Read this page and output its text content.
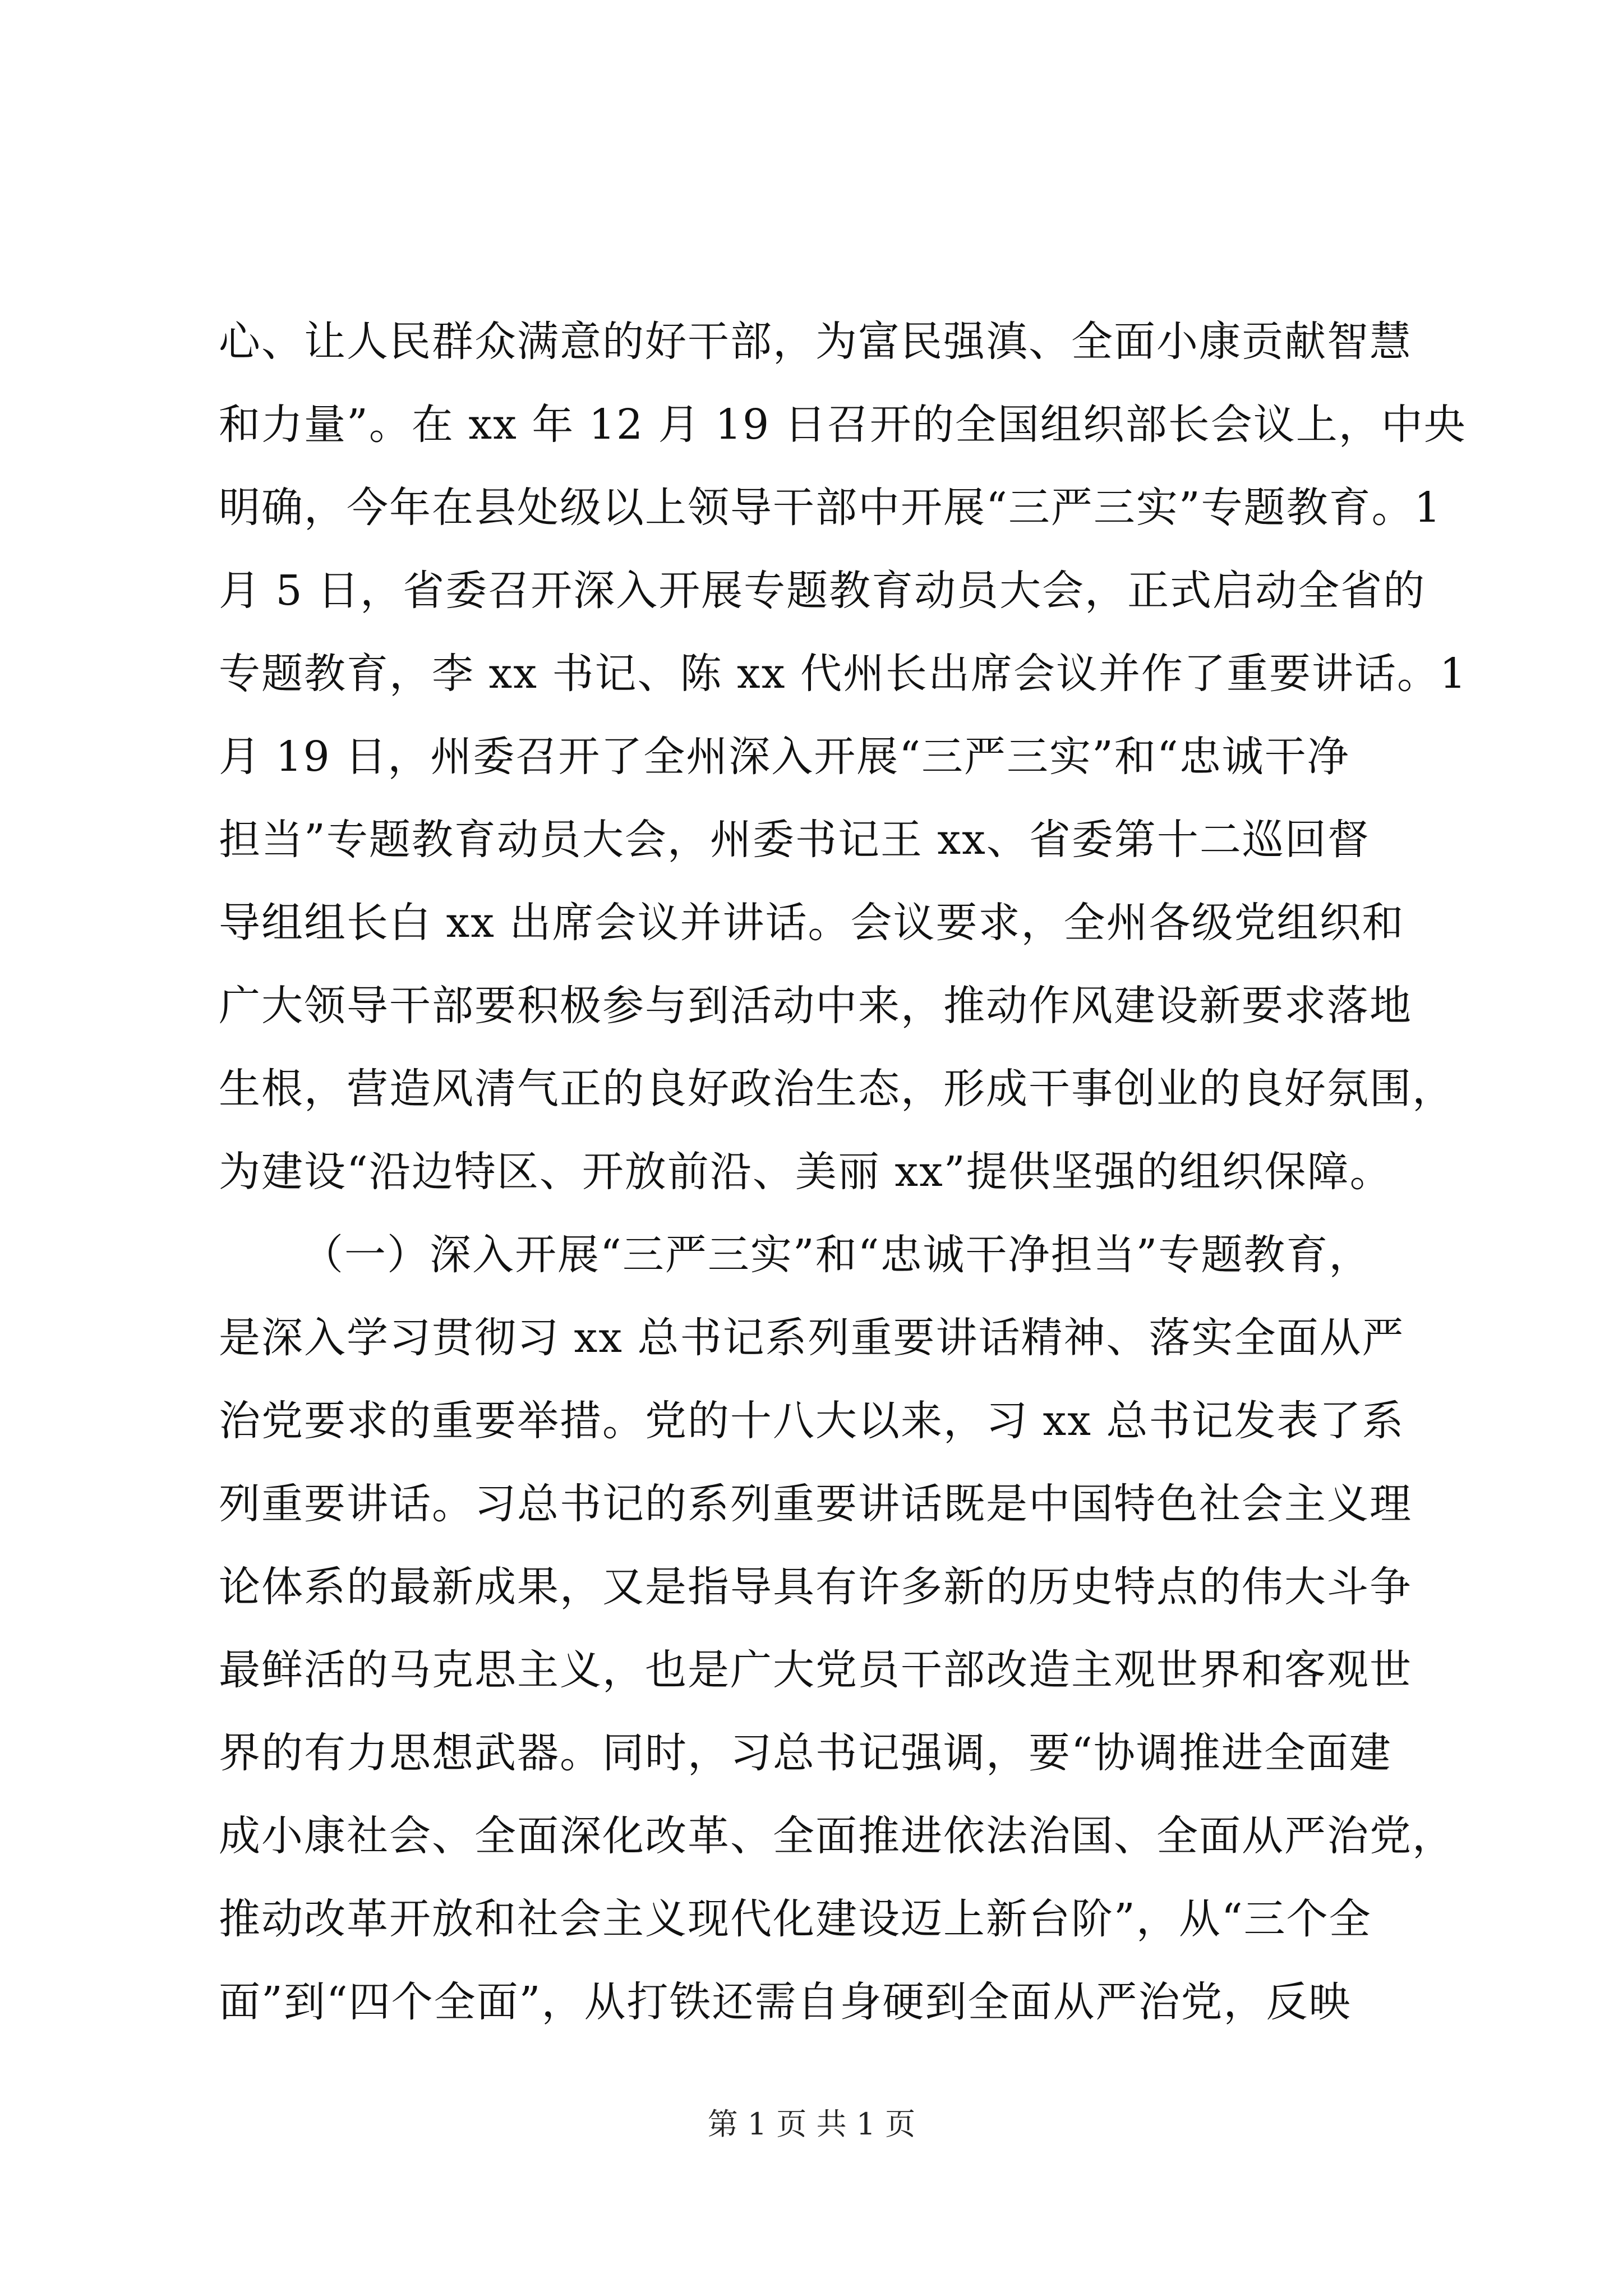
心、让人民群众满意的好干部，为富民强滇、全面小康贡献智慧
和力量”。在 xx 年 12 月 19 日召开的全国组织部长会议上，中央
明确，今年在县处级以上领导干部中开展“三严三实”专题教育。1
月 5 日，省委召开深入开展专题教育动员大会，正式启动全省的
专题教育，李 xx 书记、陈 xx 代州长出席会议并作了重要讲话。1
月 19 日，州委召开了全州深入开展“三严三实”和“忠诚干净
担当”专题教育动员大会，州委书记王 xx、省委第十二巡回督
导组组长白 xx 出席会议并讲话。会议要求，全州各级党组织和
广大领导干部要积极参与到活动中来，推动作风建设新要求落地
生根，营造风清气正的良好政治生态，形成干事创业的良好氛围，
为建设“沿边特区、开放前沿、美丽 xx”提供坚强的组织保障。
（一）深入开展“三严三实”和“忠诚干净担当”专题教育，
是深入学习贯彻习 xx 总书记系列重要讲话精神、落实全面从严
治党要求的重要举措。党的十八大以来，习 xx 总书记发表了系
列重要讲话。习总书记的系列重要讲话既是中国特色社会主义理
论体系的最新成果，又是指导具有许多新的历史特点的伟大斗争
最鲜活的马克思主义，也是广大党员干部改造主观世界和客观世
界的有力思想武器。同时，习总书记强调，要“协调推进全面建
成小康社会、全面深化改革、全面推进依法治国、全面从严治党，
推动改革开放和社会主义现代化建设迈上新台阶”，从“三个全
面”到“四个全面”，从打铁还需自身硬到全面从严治党，反映
第 1 页 共 1 页
